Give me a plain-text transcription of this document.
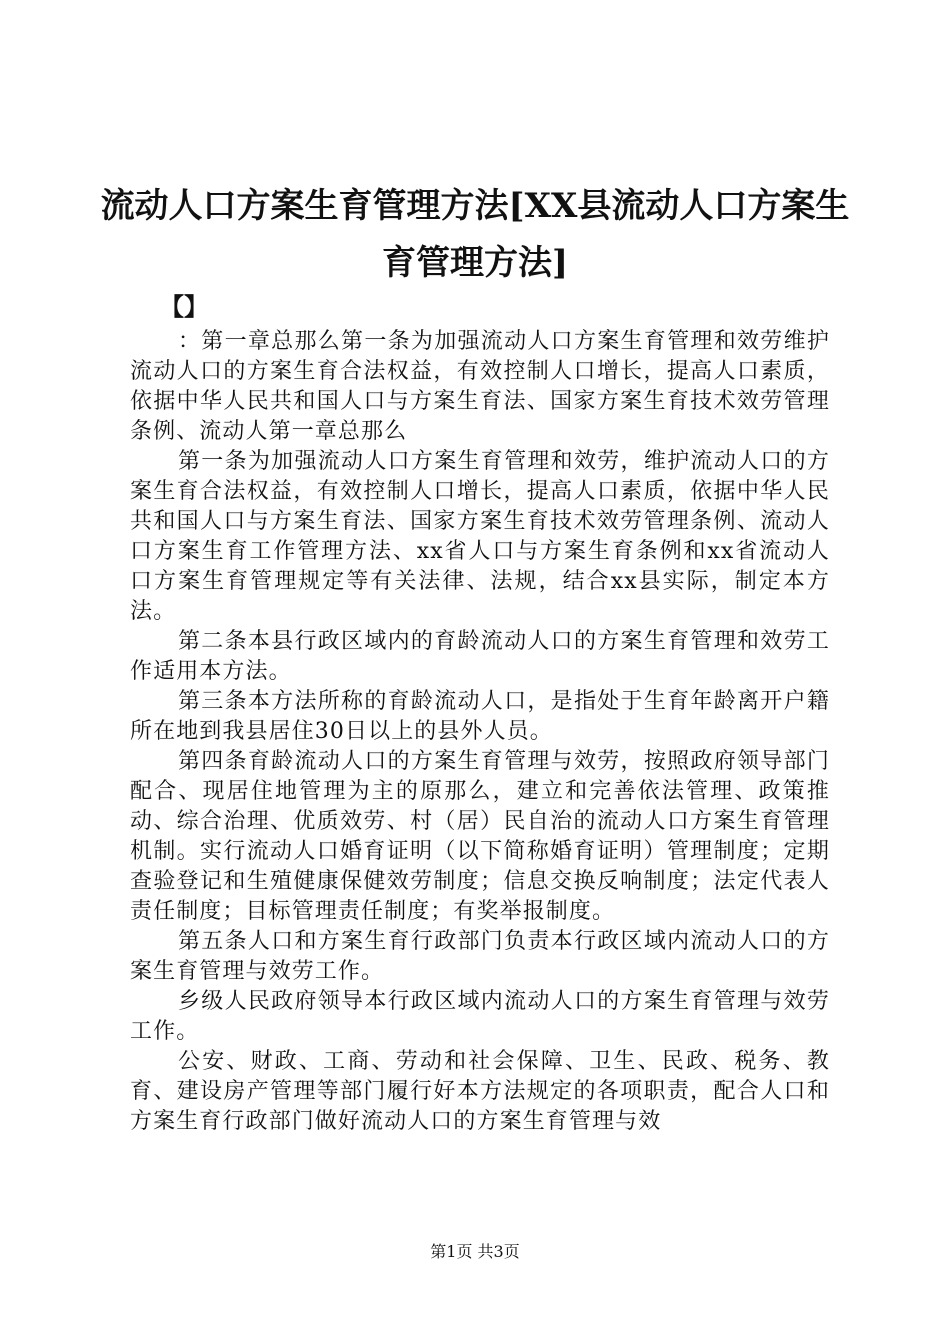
流动人口方案生育管理方法[XX县流动人口方案生育管理方法]
【】

：第一章总那么第一条为加强流动人口方案生育管理和效劳维护流动人口的方案生育合法权益，有效控制人口增长，提高人口素质，依据中华人民共和国人口与方案生育法、国家方案生育技术效劳管理条例、流动人第一章总那么

第一条为加强流动人口方案生育管理和效劳，维护流动人口的方案生育合法权益，有效控制人口增长，提高人口素质，依据中华人民共和国人口与方案生育法、国家方案生育技术效劳管理条例、流动人口方案生育工作管理方法、xx省人口与方案生育条例和xx省流动人口方案生育管理规定等有关法律、法规，结合xx县实际，制定本方法。

第二条本县行政区域内的育龄流动人口的方案生育管理和效劳工作适用本方法。

第三条本方法所称的育龄流动人口，是指处于生育年龄离开户籍所在地到我县居住30日以上的县外人员。

第四条育龄流动人口的方案生育管理与效劳，按照政府领导部门配合、现居住地管理为主的原那么，建立和完善依法管理、政策推动、综合治理、优质效劳、村（居）民自治的流动人口方案生育管理机制。实行流动人口婚育证明（以下简称婚育证明）管理制度；定期查验登记和生殖健康保健效劳制度；信息交换反响制度；法定代表人责任制度；目标管理责任制度；有奖举报制度。

第五条人口和方案生育行政部门负责本行政区域内流动人口的方案生育管理与效劳工作。

乡级人民政府领导本行政区域内流动人口的方案生育管理与效劳工作。

公安、财政、工商、劳动和社会保障、卫生、民政、税务、教育、建设房产管理等部门履行好本方法规定的各项职责，配合人口和方案生育行政部门做好流动人口的方案生育管理与效

第1页 共3页
